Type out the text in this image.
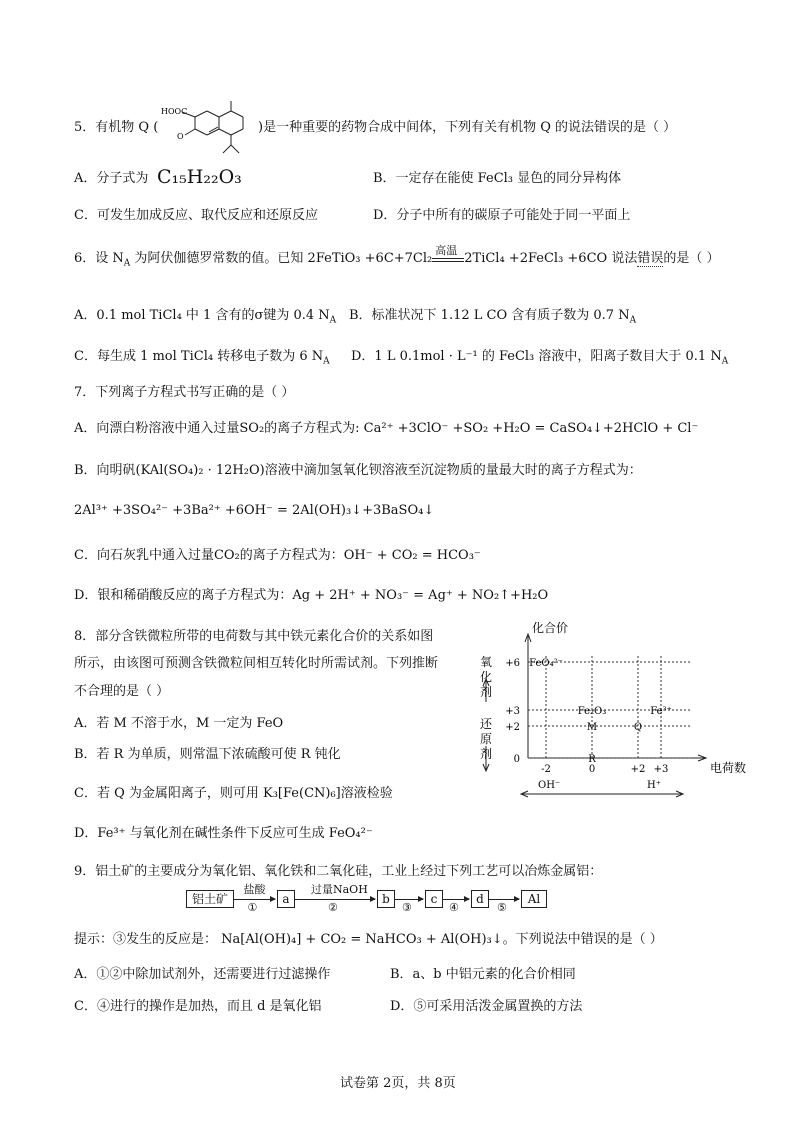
5．有机物 Q (
HOOC
O
)是一种重要的药物合成中间体，下列有关有机物 Q 的说法错误的是（ ）
A．分子式为 C₁₅H₂₂O₃	B．一定存在能使 FeCl₃ 显色的同分异构体
C．可发生加成反应、取代反应和还原反应	D．分子中所有的碳原子可能处于同一平面上
6．设 $N_A$ 为阿伏伽德罗常数的值。已知 2FeTiO₃ +6C+7Cl₂
高温
2TiCl₄ +2FeCl₃ +6CO 说法错误的是（ ）
A．0.1 mol TiCl₄ 中 1 含有的σ键为 0.4 $N_A$ B．标准状况下 1.12 L CO 含有质子数为 0.7 $N_A$
C．每生成 1 mol TiCl₄ 转移电子数为 6 $N_A$ D．1 L 0.1mol · L⁻¹ 的 FeCl₃ 溶液中，阳离子数目大于 0.1 $N_A$
7．下列离子方程式书写正确的是（ ）
A．向漂白粉溶液中通入过量SO₂的离子方程式为: Ca²⁺ +3ClO⁻ +SO₂ +H₂O = CaSO₄↓+2HClO + Cl⁻
B．向明矾(KAl(SO₄)₂ · 12H₂O)溶液中滴加氢氧化钡溶液至沉淀物质的量最大时的离子方程式为：
2Al³⁺ +3SO₄²⁻ +3Ba²⁺ +6OH⁻ = 2Al(OH)₃↓+3BaSO₄↓
C．向石灰乳中通入过量CO₂的离子方程式为：OH⁻ + CO₂ = HCO₃⁻
D．银和稀硝酸反应的离子方程式为：Ag + 2H⁺ + NO₃⁻ = Ag⁺ + NO₂↑+H₂O
8．部分含铁微粒所带的电荷数与其中铁元素化合价的关系如图
所示，由该图可预测含铁微粒间相互转化时所需试剂。下列推断
不合理的是（ ）
A．若 M 不溶于水，M 一定为 FeO
B．若 R 为单质，则常温下浓硫酸可使 R 钝化
C．若 Q 为金属阳离子，则可用 K₃[Fe(CN)₆]溶液检验
D．Fe³⁺ 与氧化剂在碱性条件下反应可生成 FeO₄²⁻
化合价
电荷数
氧
化
剂
还
原
剂 0
+2
+3
+6
-2	0	+2 +3
FeO₄²⁻
Fe₂O₃	Fe³⁺
M	Q
R
OH⁻	H⁺
9．铝土矿的主要成分为氧化铝、氧化铁和二氧化硅，工业上经过下列工艺可以冶炼金属铝：
铝土矿	a	b	c	d	Al
盐酸
①
过量NaOH
②	③	④	⑤
提示：③发生的反应是： Na[Al(OH)₄] + CO₂ = NaHCO₃ + Al(OH)₃↓。下列说法中错误的是（ ）
A．①②中除加试剂外，还需要进行过滤操作	B．a、b 中铝元素的化合价相同
C．④进行的操作是加热，而且 d 是氧化铝	D．⑤可采用活泼金属置换的方法
试卷第 2页，共 8页
